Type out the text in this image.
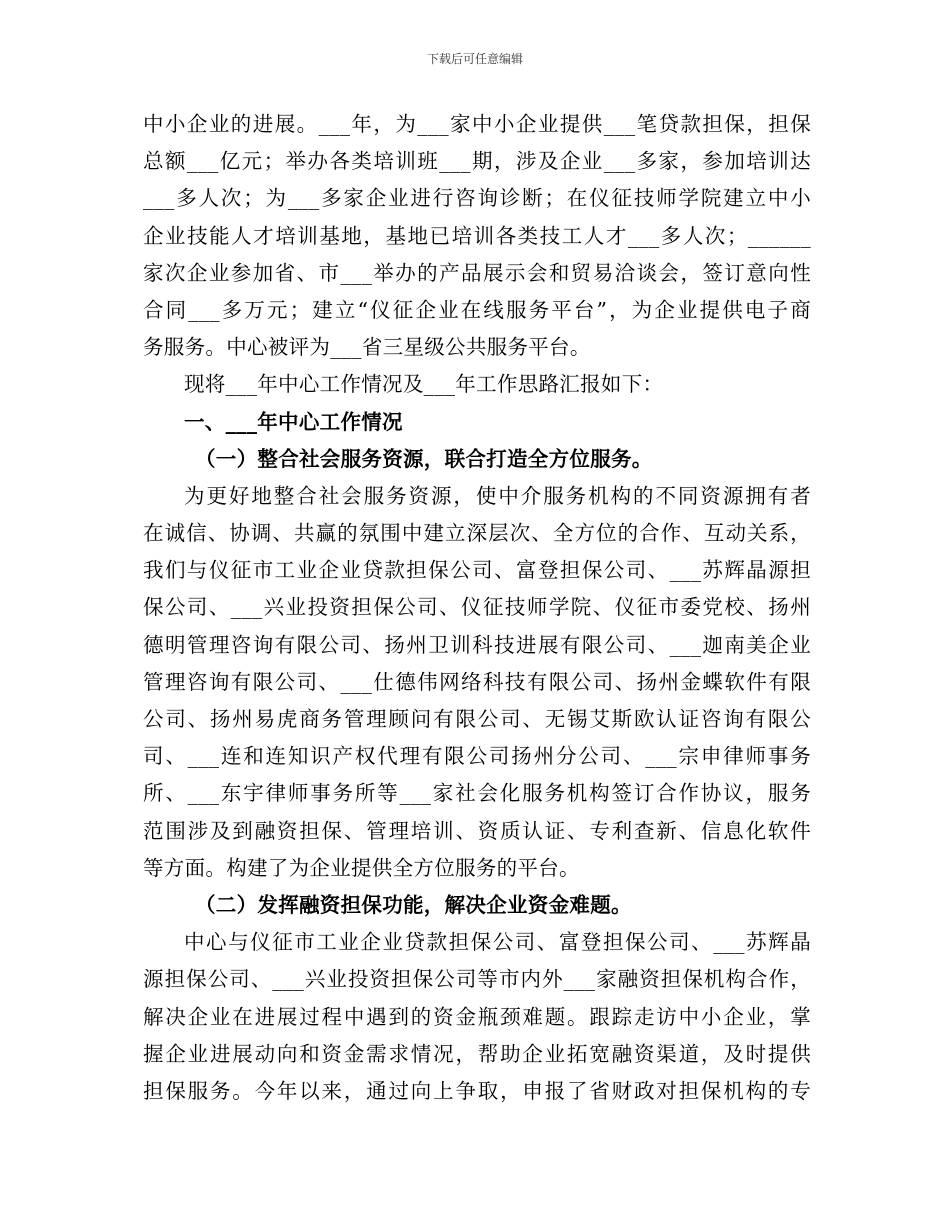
下载后可任意编辑
中小企业的进展。___年，为___家中小企业提供___笔贷款担保，担保
总额___亿元；举办各类培训班___期，涉及企业___多家，参加培训达
___多人次；为___多家企业进行咨询诊断；在仪征技师学院建立中小
企业技能人才培训基地，基地已培训各类技工人才___多人次；______
家次企业参加省、市___举办的产品展示会和贸易洽谈会，签订意向性
合同___多万元；建立“仪征企业在线服务平台”，为企业提供电子商
务服务。中心被评为___省三星级公共服务平台。
现将___年中心工作情况及___年工作思路汇报如下：
一、___年中心工作情况
（一）整合社会服务资源，联合打造全方位服务。
为更好地整合社会服务资源，使中介服务机构的不同资源拥有者
在诚信、协调、共赢的氛围中建立深层次、全方位的合作、互动关系，
我们与仪征市工业企业贷款担保公司、富登担保公司、___苏辉晶源担
保公司、___兴业投资担保公司、仪征技师学院、仪征市委党校、扬州
德明管理咨询有限公司、扬州卫训科技进展有限公司、___迦南美企业
管理咨询有限公司、___仕德伟网络科技有限公司、扬州金蝶软件有限
公司、扬州易虎商务管理顾问有限公司、无锡艾斯欧认证咨询有限公
司、___连和连知识产权代理有限公司扬州分公司、___宗申律师事务
所、___东宇律师事务所等___家社会化服务机构签订合作协议，服务
范围涉及到融资担保、管理培训、资质认证、专利查新、信息化软件
等方面。构建了为企业提供全方位服务的平台。
（二）发挥融资担保功能，解决企业资金难题。
中心与仪征市工业企业贷款担保公司、富登担保公司、___苏辉晶
源担保公司、___兴业投资担保公司等市内外___家融资担保机构合作，
解决企业在进展过程中遇到的资金瓶颈难题。跟踪走访中小企业，掌
握企业进展动向和资金需求情况，帮助企业拓宽融资渠道，及时提供
担保服务。今年以来，通过向上争取，申报了省财政对担保机构的专
